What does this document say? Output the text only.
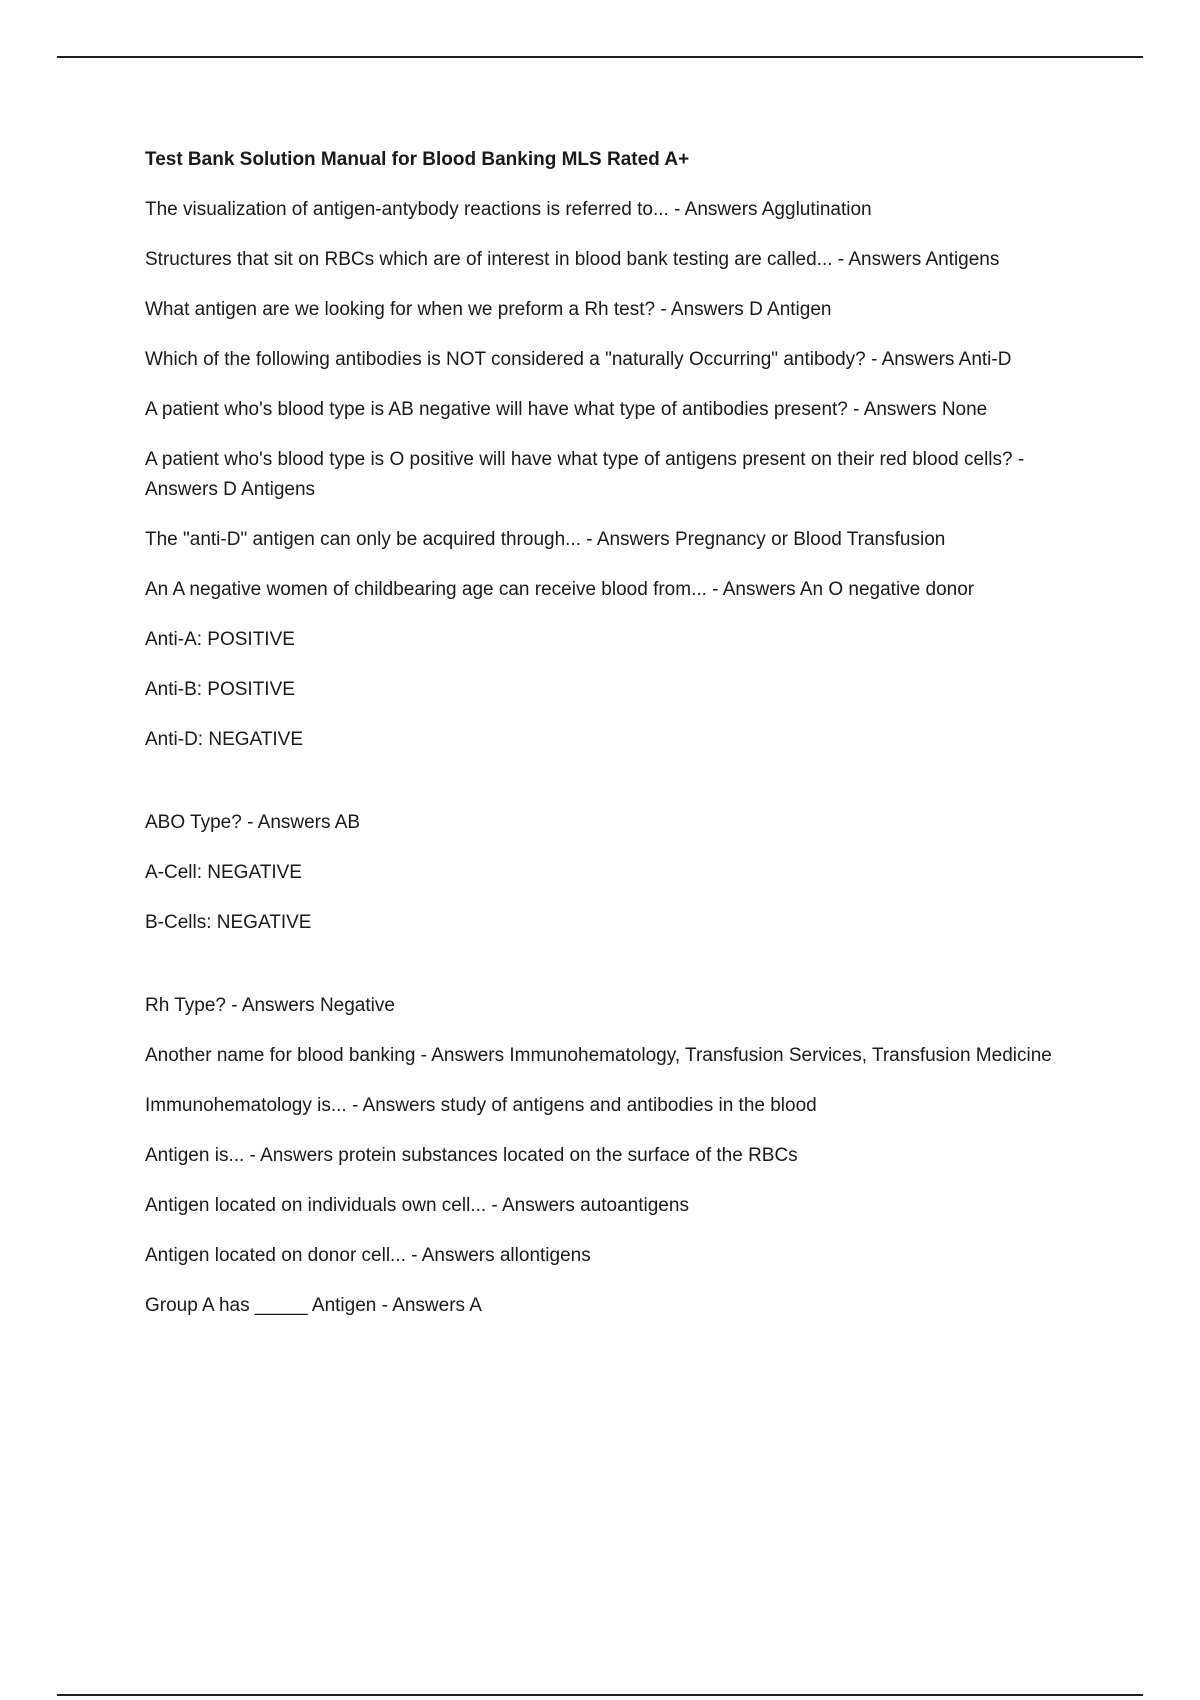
Test Bank Solution Manual for Blood Banking MLS Rated A+
The visualization of antigen-antybody reactions is referred to... - Answers Agglutination
Structures that sit on RBCs which are of interest in blood bank testing are called... - Answers Antigens
What antigen are we looking for when we preform a Rh test? - Answers D Antigen
Which of the following antibodies is NOT considered a "naturally Occurring" antibody? - Answers Anti-D
A patient who's blood type is AB negative will have what type of antibodies present? - Answers None
A patient who's blood type is O positive will have what type of antigens present on their red blood cells? - Answers D Antigens
The "anti-D" antigen can only be acquired through... - Answers Pregnancy or Blood Transfusion
An A negative women of childbearing age can receive blood from... - Answers An O negative donor
Anti-A: POSITIVE
Anti-B: POSITIVE
Anti-D: NEGATIVE
ABO Type? - Answers AB
A-Cell: NEGATIVE
B-Cells: NEGATIVE
Rh Type? - Answers Negative
Another name for blood banking - Answers Immunohematology, Transfusion Services, Transfusion Medicine
Immunohematology is... - Answers study of antigens and antibodies in the blood
Antigen is... - Answers protein substances located on the surface of the RBCs
Antigen located on individuals own cell... - Answers autoantigens
Antigen located on donor cell... - Answers allontigens
Group A has _____ Antigen - Answers A
